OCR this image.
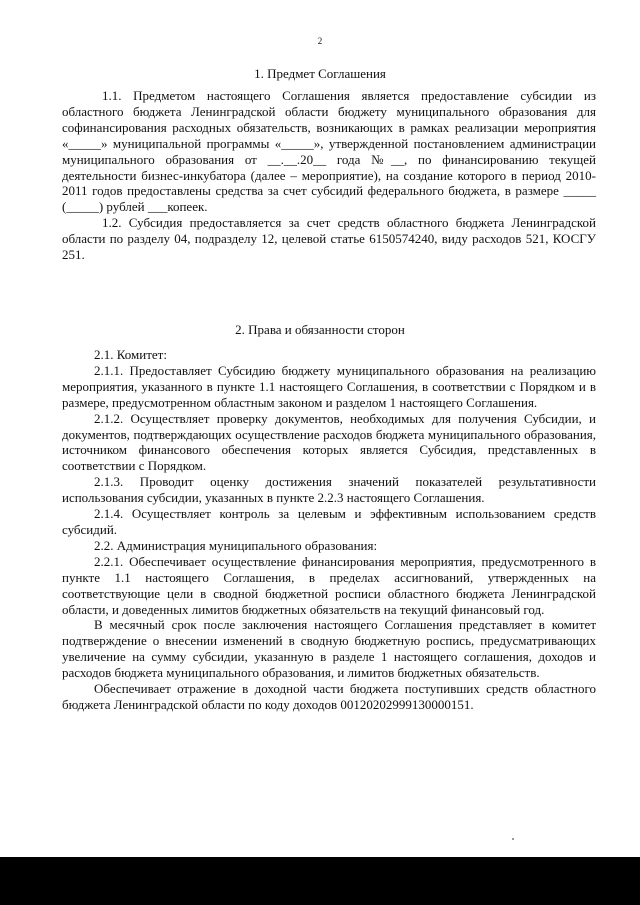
2
1. Предмет Соглашения

1.1. Предметом настоящего Соглашения является предоставление субсидии из областного бюджета Ленинградской области бюджету муниципального образования для софинансирования расходных обязательств, возникающих в рамках реализации мероприятия «_____» муниципальной программы «_____», утвержденной постановлением администрации муниципального образования от __.__.20__ года №__, по финансированию текущей деятельности бизнес-инкубатора (далее – мероприятие), на создание которого в период 2010-2011 годов предоставлены средства за счет субсидий федерального бюджета, в размере _____ (_____) рублей ___копеек.

1.2. Субсидия предоставляется за счет средств областного бюджета Ленинградской области по разделу 04, подразделу 12, целевой статье 6150574240, виду расходов 521, КОСГУ 251.

2. Права и обязанности сторон

2.1. Комитет:

2.1.1. Предоставляет Субсидию бюджету муниципального образования на реализацию мероприятия, указанного в пункте 1.1 настоящего Соглашения, в соответствии с Порядком и в размере, предусмотренном областным законом и разделом 1 настоящего Соглашения.

2.1.2. Осуществляет проверку документов, необходимых для получения Субсидии, и документов, подтверждающих осуществление расходов бюджета муниципального образования, источником финансового обеспечения которых является Субсидия, представленных в соответствии с Порядком.

2.1.3. Проводит оценку достижения значений показателей результативности использования субсидии, указанных в пункте 2.2.3 настоящего Соглашения.

2.1.4. Осуществляет контроль за целевым и эффективным использованием средств субсидий.

2.2. Администрация муниципального образования:

2.2.1. Обеспечивает осуществление финансирования мероприятия, предусмотренного в пункте 1.1 настоящего Соглашения, в пределах ассигнований, утвержденных на соответствующие цели в сводной бюджетной росписи областного бюджета Ленинградской области, и доведенных лимитов бюджетных обязательств на текущий финансовый год.

В месячный срок после заключения настоящего Соглашения представляет в комитет подтверждение о внесении изменений в сводную бюджетную роспись, предусматривающих увеличение на сумму субсидии, указанную в разделе 1 настоящего соглашения, доходов и расходов бюджета муниципального образования, и лимитов бюджетных обязательств.

Обеспечивает отражение в доходной части бюджета поступивших средств областного бюджета Ленинградской области по коду доходов 00120202999130000151.
